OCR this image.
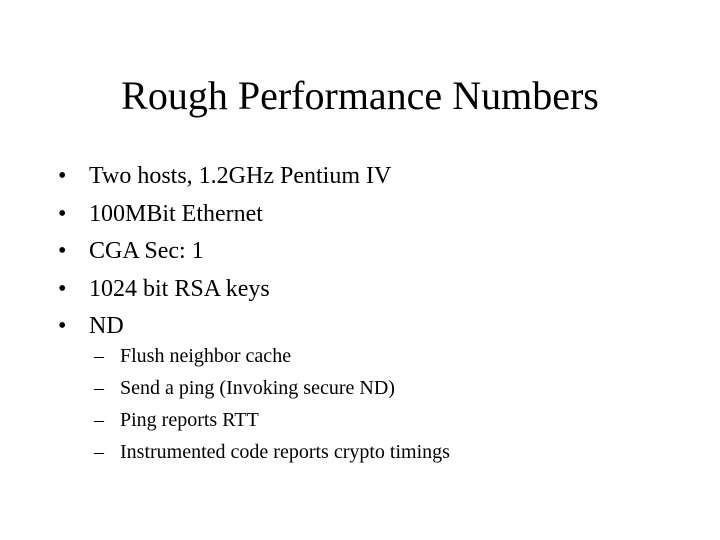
Rough Performance Numbers
• Two hosts, 1.2GHz Pentium IV
• 100MBit Ethernet
• CGA Sec: 1
• 1024 bit RSA keys
• ND
– Flush neighbor cache
– Send a ping (Invoking secure ND)
– Ping reports RTT
– Instrumented code reports crypto timings
